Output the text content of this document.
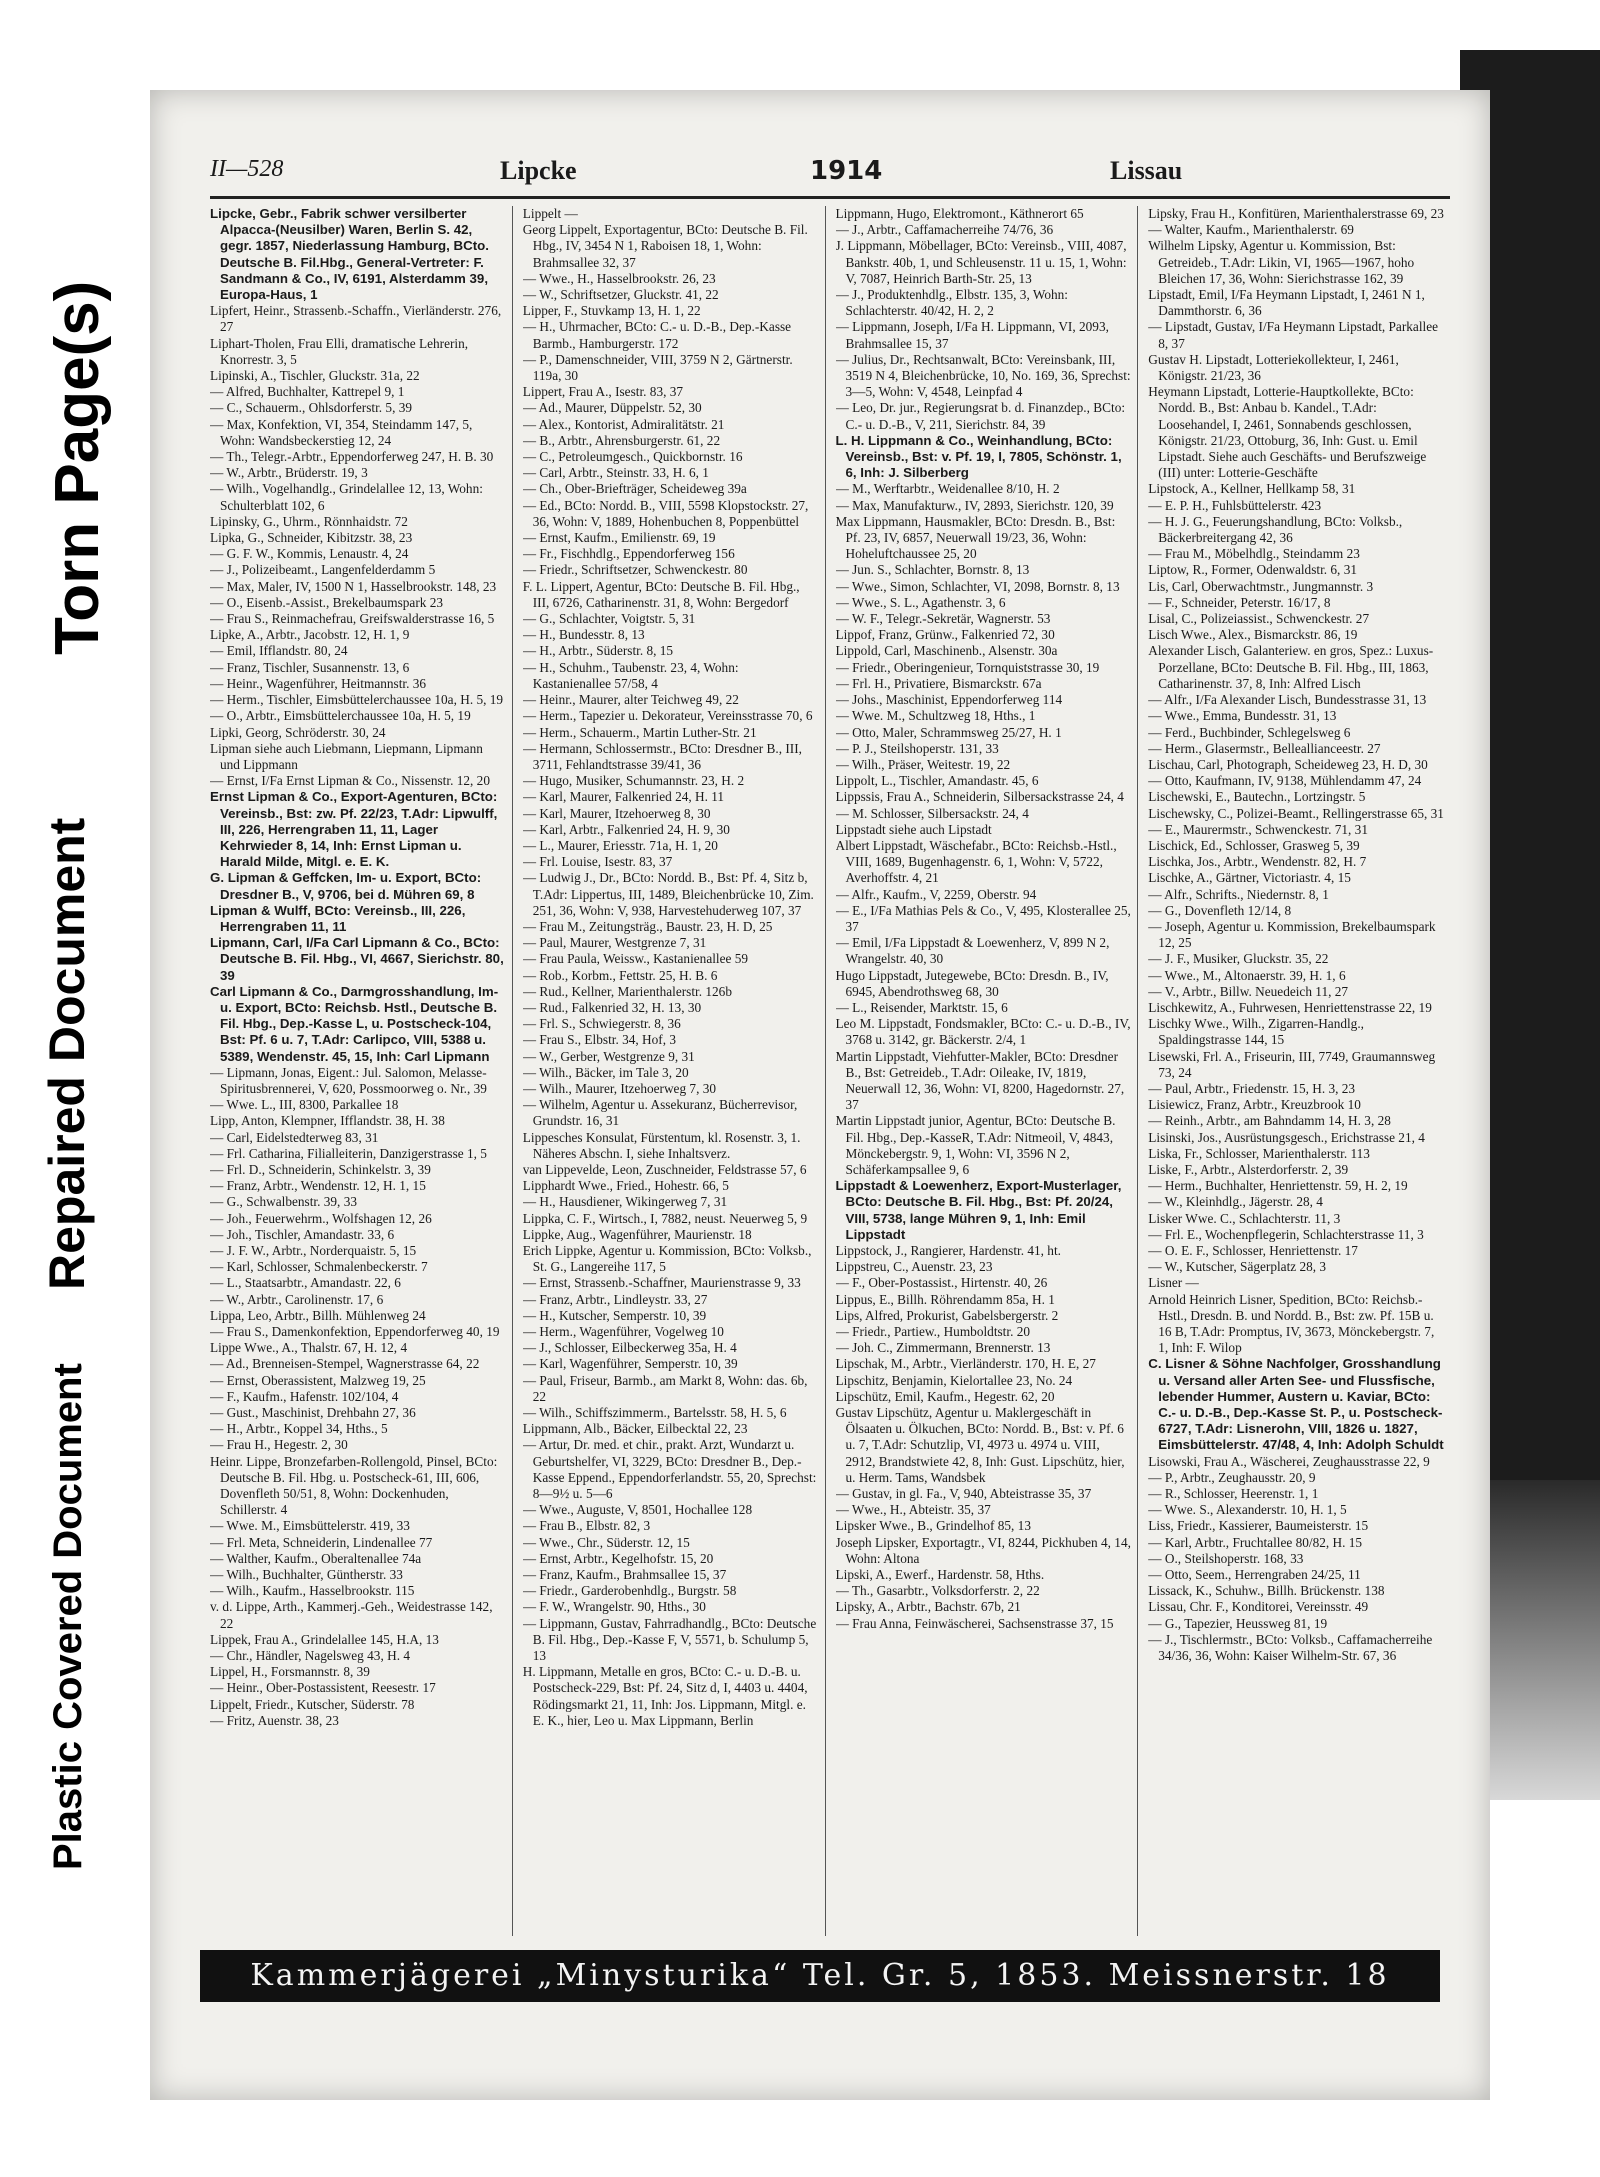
Torn Page(s)
Repaired Document
Plastic Covered Document
II—528	Lipcke	1914	Lissau

Lipcke, Gebr., Fabrik schwer versilberter Alpacca-(Neusilber) Waren, Berlin S. 42, gegr. 1857, Niederlassung Hamburg, BCto. Deutsche B. Fil.Hbg., General-Vertreter: F. Sandmann & Co., IV, 6191, Alsterdamm 39, Europa-Haus, 1

Lipfert, Heinr., Strassenb.-Schaffn., Vierländerstr. 276, 27

Liphart-Tholen, Frau Elli, dramatische Lehrerin, Knorrestr. 3, 5

Lipinski, A., Tischler, Gluckstr. 31a, 22

— Alfred, Buchhalter, Kattrepel 9, 1

— C., Schauerm., Ohlsdorferstr. 5, 39

— Max, Konfektion, VI, 354, Steindamm 147, 5, Wohn: Wandsbeckerstieg 12, 24

— Th., Telegr.-Arbtr., Eppendorferweg 247, H. B. 30

— W., Arbtr., Brüderstr. 19, 3

— Wilh., Vogelhandlg., Grindelallee 12, 13, Wohn: Schulterblatt 102, 6

Lipinsky, G., Uhrm., Rönnhaidstr. 72

Lipka, G., Schneider, Kibitzstr. 38, 23

— G. F. W., Kommis, Lenaustr. 4, 24

— J., Polizeibeamt., Langenfelderdamm 5

— Max, Maler, IV, 1500 N 1, Hasselbrookstr. 148, 23

— O., Eisenb.-Assist., Brekelbaumspark 23

— Frau S., Reinmachefrau, Greifswalderstrasse 16, 5

Lipke, A., Arbtr., Jacobstr. 12, H. 1, 9

— Emil, Ifflandstr. 80, 24

— Franz, Tischler, Susannenstr. 13, 6

— Heinr., Wagenführer, Heitmannstr. 36

— Herm., Tischler, Eimsbüttelerchaussee 10a, H. 5, 19

— O., Arbtr., Eimsbüttelerchaussee 10a, H. 5, 19

Lipki, Georg, Schröderstr. 30, 24

Lipman siehe auch Liebmann, Liepmann, Lipmann und Lippmann

— Ernst, I/Fa Ernst Lipman & Co., Nissenstr. 12, 20

Ernst Lipman & Co., Export-Agenturen, BCto: Vereinsb., Bst: zw. Pf. 22/23, T.Adr: Lipwulff, III, 226, Herrengraben 11, 11, Lager Kehrwieder 8, 14, Inh: Ernst Lipman u. Harald Milde, Mitgl. e. E. K.

G. Lipman & Geffcken, Im- u. Export, BCto: Dresdner B., V, 9706, bei d. Mühren 69, 8

Lipman & Wulff, BCto: Vereinsb., III, 226, Herrengraben 11, 11

Lipmann, Carl, I/Fa Carl Lipmann & Co., BCto: Deutsche B. Fil. Hbg., VI, 4667, Sierichstr. 80, 39

Carl Lipmann & Co., Darmgrosshandlung, Im- u. Export, BCto: Reichsb. Hstl., Deutsche B. Fil. Hbg., Dep.-Kasse L, u. Postscheck-104, Bst: Pf. 6 u. 7, T.Adr: Carlipco, VIII, 5388 u. 5389, Wendenstr. 45, 15, Inh: Carl Lipmann

— Lipmann, Jonas, Eigent.: Jul. Salomon, Melasse-Spiritusbrennerei, V, 620, Possmoorweg o. Nr., 39

— Wwe. L., III, 8300, Parkallee 18

Lipp, Anton, Klempner, Ifflandstr. 38, H. 38

— Carl, Eidelstedterweg 83, 31

— Frl. Catharina, Filialleiterin, Danzigerstrasse 1, 5

— Frl. D., Schneiderin, Schinkelstr. 3, 39

— Franz, Arbtr., Wendenstr. 12, H. 1, 15

— G., Schwalbenstr. 39, 33

— Joh., Feuerwehrm., Wolfshagen 12, 26

— Joh., Tischler, Amandastr. 33, 6

— J. F. W., Arbtr., Norderquaistr. 5, 15

— Karl, Schlosser, Schmalenbeckerstr. 7

— L., Staatsarbtr., Amandastr. 22, 6

— W., Arbtr., Carolinenstr. 17, 6

Lippa, Leo, Arbtr., Billh. Mühlenweg 24

— Frau S., Damenkonfektion, Eppendorferweg 40, 19

Lippe Wwe., A., Thalstr. 67, H. 12, 4

— Ad., Brenneisen-Stempel, Wagnerstrasse 64, 22

— Ernst, Oberassistent, Malzweg 19, 25

— F., Kaufm., Hafenstr. 102/104, 4

— Gust., Maschinist, Drehbahn 27, 36

— H., Arbtr., Koppel 34, Hths., 5

— Frau H., Hegestr. 2, 30

Heinr. Lippe, Bronzefarben-Rollengold, Pinsel, BCto: Deutsche B. Fil. Hbg. u. Postscheck-61, III, 606, Dovenfleth 50/51, 8, Wohn: Dockenhuden, Schillerstr. 4

— Wwe. M., Eimsbüttelerstr. 419, 33

— Frl. Meta, Schneiderin, Lindenallee 77

— Walther, Kaufm., Oberaltenallee 74a

— Wilh., Buchhalter, Güntherstr. 33

— Wilh., Kaufm., Hasselbrookstr. 115

v. d. Lippe, Arth., Kammerj.-Geh., Weidestrasse 142, 22

Lippek, Frau A., Grindelallee 145, H.A, 13

— Chr., Händler, Nagelsweg 43, H. 4

Lippel, H., Forsmannstr. 8, 39

— Heinr., Ober-Postassistent, Reesestr. 17

Lippelt, Friedr., Kutscher, Süderstr. 78

— Fritz, Auenstr. 38, 23

Lippelt —

Georg Lippelt, Exportagentur, BCto: Deutsche B. Fil. Hbg., IV, 3454 N 1, Raboisen 18, 1, Wohn: Brahmsallee 32, 37

— Wwe., H., Hasselbrookstr. 26, 23

— W., Schriftsetzer, Gluckstr. 41, 22

Lipper, F., Stuvkamp 13, H. 1, 22

— H., Uhrmacher, BCto: C.- u. D.-B., Dep.-Kasse Barmb., Hamburgerstr. 172

— P., Damenschneider, VIII, 3759 N 2, Gärtnerstr. 119a, 30

Lippert, Frau A., Isestr. 83, 37

— Ad., Maurer, Düppelstr. 52, 30

— Alex., Kontorist, Admiralitätstr. 21

— B., Arbtr., Ahrensburgerstr. 61, 22

— C., Petroleumgesch., Quickbornstr. 16

— Carl, Arbtr., Steinstr. 33, H. 6, 1

— Ch., Ober-Briefträger, Scheideweg 39a

— Ed., BCto: Nordd. B., VIII, 5598 Klopstockstr. 27, 36, Wohn: V, 1889, Hohenbuchen 8, Poppenbüttel

— Ernst, Kaufm., Emilienstr. 69, 19

— Fr., Fischhdlg., Eppendorferweg 156

— Friedr., Schriftsetzer, Schwenckestr. 80

F. L. Lippert, Agentur, BCto: Deutsche B. Fil. Hbg., III, 6726, Catharinenstr. 31, 8, Wohn: Bergedorf

— G., Schlachter, Voigtstr. 5, 31

— H., Bundesstr. 8, 13

— H., Arbtr., Süderstr. 8, 15

— H., Schuhm., Taubenstr. 23, 4, Wohn: Kastanienallee 57/58, 4

— Heinr., Maurer, alter Teichweg 49, 22

— Herm., Tapezier u. Dekorateur, Vereinsstrasse 70, 6

— Herm., Schauerm., Martin Luther-Str. 21

— Hermann, Schlossermstr., BCto: Dresdner B., III, 3711, Fehlandtstrasse 39/41, 36

— Hugo, Musiker, Schumannstr. 23, H. 2

— Karl, Maurer, Falkenried 24, H. 11

— Karl, Maurer, Itzehoerweg 8, 30

— Karl, Arbtr., Falkenried 24, H. 9, 30

— L., Maurer, Eriesstr. 71a, H. 1, 20

— Frl. Louise, Isestr. 83, 37

— Ludwig J., Dr., BCto: Nordd. B., Bst: Pf. 4, Sitz b, T.Adr: Lippertus, III, 1489, Bleichenbrücke 10, Zim. 251, 36, Wohn: V, 938, Harvestehuderweg 107, 37

— Frau M., Zeitungsträg., Baustr. 23, H. D, 25

— Paul, Maurer, Westgrenze 7, 31

— Frau Paula, Weissw., Kastanienallee 59

— Rob., Korbm., Fettstr. 25, H. B. 6

— Rud., Kellner, Marienthalerstr. 126b

— Rud., Falkenried 32, H. 13, 30

— Frl. S., Schwiegerstr. 8, 36

— Frau S., Elbstr. 34, Hof, 3

— W., Gerber, Westgrenze 9, 31

— Wilh., Bäcker, im Tale 3, 20

— Wilh., Maurer, Itzehoerweg 7, 30

— Wilhelm, Agentur u. Assekuranz, Bücherrevisor, Grundstr. 16, 31

Lippesches Konsulat, Fürstentum, kl. Rosenstr. 3, 1. Näheres Abschn. I, siehe Inhaltsverz.

van Lippevelde, Leon, Zuschneider, Feldstrasse 57, 6

Lipphardt Wwe., Fried., Hohestr. 66, 5

— H., Hausdiener, Wikingerweg 7, 31

Lippka, C. F., Wirtsch., I, 7882, neust. Neuerweg 5, 9

Lippke, Aug., Wagenführer, Maurienstr. 18

Erich Lippke, Agentur u. Kommission, BCto: Volksb., St. G., Langereihe 117, 5

— Ernst, Strassenb.-Schaffner, Maurienstrasse 9, 33

— Franz, Arbtr., Lindleystr. 33, 27

— H., Kutscher, Semperstr. 10, 39

— Herm., Wagenführer, Vogelweg 10

— J., Schlosser, Eilbeckerweg 35a, H. 4

— Karl, Wagenführer, Semperstr. 10, 39

— Paul, Friseur, Barmb., am Markt 8, Wohn: das. 6b, 22

— Wilh., Schiffszimmerm., Bartelsstr. 58, H. 5, 6

Lippmann, Alb., Bäcker, Eilbecktal 22, 23

— Artur, Dr. med. et chir., prakt. Arzt, Wundarzt u. Geburtshelfer, VI, 3229, BCto: Dresdner B., Dep.-Kasse Eppend., Eppendorferlandstr. 55, 20, Sprechst: 8—9½ u. 5—6

— Wwe., Auguste, V, 8501, Hochallee 128

— Frau B., Elbstr. 82, 3

— Wwe., Chr., Süderstr. 12, 15

— Ernst, Arbtr., Kegelhofstr. 15, 20

— Franz, Kaufm., Brahmsallee 15, 37

— Friedr., Garderobenhdlg., Burgstr. 58

— F. W., Wrangelstr. 90, Hths., 30

— Lippmann, Gustav, Fahrradhandlg., BCto: Deutsche B. Fil. Hbg., Dep.-Kasse F, V, 5571, b. Schulump 5, 13

H. Lippmann, Metalle en gros, BCto: C.- u. D.-B. u. Postscheck-229, Bst: Pf. 24, Sitz d, I, 4403 u. 4404, Rödingsmarkt 21, 11, Inh: Jos. Lippmann, Mitgl. e. E. K., hier, Leo u. Max Lippmann, Berlin

Lippmann, Hugo, Elektromont., Käthnerort 65

— J., Arbtr., Caffamacherreihe 74/76, 36

J. Lippmann, Möbellager, BCto: Vereinsb., VIII, 4087, Bankstr. 40b, 1, und Schleusenstr. 11 u. 15, 1, Wohn: V, 7087, Heinrich Barth-Str. 25, 13

— J., Produktenhdlg., Elbstr. 135, 3, Wohn: Schlachterstr. 40/42, H. 2, 2

— Lippmann, Joseph, I/Fa H. Lippmann, VI, 2093, Brahmsallee 15, 37

— Julius, Dr., Rechtsanwalt, BCto: Vereinsbank, III, 3519 N 4, Bleichenbrücke, 10, No. 169, 36, Sprechst: 3—5, Wohn: V, 4548, Leinpfad 4

— Leo, Dr. jur., Regierungsrat b. d. Finanzdep., BCto: C.- u. D.-B., V, 211, Sierichstr. 84, 39

L. H. Lippmann & Co., Weinhandlung, BCto: Vereinsb., Bst: v. Pf. 19, I, 7805, Schönstr. 1, 6, Inh: J. Silberberg

— M., Werftarbtr., Weidenallee 8/10, H. 2

— Max, Manufakturw., IV, 2893, Sierichstr. 120, 39

Max Lippmann, Hausmakler, BCto: Dresdn. B., Bst: Pf. 23, IV, 6857, Neuerwall 19/23, 36, Wohn: Hoheluftchaussee 25, 20

— Jun. S., Schlachter, Bornstr. 8, 13

— Wwe., Simon, Schlachter, VI, 2098, Bornstr. 8, 13

— Wwe., S. L., Agathenstr. 3, 6

— W. F., Telegr.-Sekretär, Wagnerstr. 53

Lippof, Franz, Grünw., Falkenried 72, 30

Lippold, Carl, Maschinenb., Alsenstr. 30a

— Friedr., Oberingenieur, Tornquiststrasse 30, 19

— Frl. H., Privatiere, Bismarckstr. 67a

— Johs., Maschinist, Eppendorferweg 114

— Wwe. M., Schultzweg 18, Hths., 1

— Otto, Maler, Schrammsweg 25/27, H. 1

— P. J., Steilshoperstr. 131, 33

— Wilh., Präser, Weitestr. 19, 22

Lippolt, L., Tischler, Amandastr. 45, 6

Lippssis, Frau A., Schneiderin, Silbersackstrasse 24, 4

— M. Schlosser, Silbersackstr. 24, 4

Lippstadt siehe auch Lipstadt

Albert Lippstadt, Wäschefabr., BCto: Reichsb.-Hstl., VIII, 1689, Bugenhagenstr. 6, 1, Wohn: V, 5722, Averhoffstr. 4, 21

— Alfr., Kaufm., V, 2259, Oberstr. 94

— E., I/Fa Mathias Pels & Co., V, 495, Klosterallee 25, 37

— Emil, I/Fa Lippstadt & Loewenherz, V, 899 N 2, Wrangelstr. 40, 30

Hugo Lippstadt, Jutegewebe, BCto: Dresdn. B., IV, 6945, Abendrothsweg 68, 30

— L., Reisender, Marktstr. 15, 6

Leo M. Lippstadt, Fondsmakler, BCto: C.- u. D.-B., IV, 3768 u. 3142, gr. Bäckerstr. 2/4, 1

Martin Lippstadt, Viehfutter-Makler, BCto: Dresdner B., Bst: Getreideb., T.Adr: Oileake, IV, 1819, Neuerwall 12, 36, Wohn: VI, 8200, Hagedornstr. 27, 37

Martin Lippstadt junior, Agentur, BCto: Deutsche B. Fil. Hbg., Dep.-KasseR, T.Adr: Nitmeoil, V, 4843, Mönckebergstr. 9, 1, Wohn: VI, 3596 N 2, Schäferkampsallee 9, 6

Lippstadt & Loewenherz, Export-Musterlager, BCto: Deutsche B. Fil. Hbg., Bst: Pf. 20/24, VIII, 5738, lange Mühren 9, 1, Inh: Emil Lippstadt

Lippstock, J., Rangierer, Hardenstr. 41, ht.

Lippstreu, C., Auenstr. 23, 23

— F., Ober-Postassist., Hirtenstr. 40, 26

Lippus, E., Billh. Röhrendamm 85a, H. 1

Lips, Alfred, Prokurist, Gabelsbergerstr. 2

— Friedr., Partiew., Humboldtstr. 20

— Joh. C., Zimmermann, Brennerstr. 13

Lipschak, M., Arbtr., Vierländerstr. 170, H. E, 27

Lipschitz, Benjamin, Kielortallee 23, No. 24

Lipschütz, Emil, Kaufm., Hegestr. 62, 20

Gustav Lipschütz, Agentur u. Maklergeschäft in Ölsaaten u. Ölkuchen, BCto: Nordd. B., Bst: v. Pf. 6 u. 7, T.Adr: Schutzlip, VI, 4973 u. 4974 u. VIII, 2912, Brandstwiete 42, 8, Inh: Gust. Lipschütz, hier, u. Herm. Tams, Wandsbek

— Gustav, in gl. Fa., V, 940, Abteistrasse 35, 37

— Wwe., H., Abteistr. 35, 37

Lipsker Wwe., B., Grindelhof 85, 13

Joseph Lipsker, Exportagtr., VI, 8244, Pickhuben 4, 14, Wohn: Altona

Lipski, A., Ewerf., Hardenstr. 58, Hths.

— Th., Gasarbtr., Volksdorferstr. 2, 22

Lipsky, A., Arbtr., Bachstr. 67b, 21

— Frau Anna, Feinwäscherei, Sachsenstrasse 37, 15

Lipsky, Frau H., Konfitüren, Marienthalerstrasse 69, 23

— Walter, Kaufm., Marienthalerstr. 69

Wilhelm Lipsky, Agentur u. Kommission, Bst: Getreideb., T.Adr: Likin, VI, 1965—1967, hoho Bleichen 17, 36, Wohn: Sierichstrasse 162, 39

Lipstadt, Emil, I/Fa Heymann Lipstadt, I, 2461 N 1, Dammthorstr. 6, 36

— Lipstadt, Gustav, I/Fa Heymann Lipstadt, Parkallee 8, 37

Gustav H. Lipstadt, Lotteriekollekteur, I, 2461, Königstr. 21/23, 36

Heymann Lipstadt, Lotterie-Hauptkollekte, BCto: Nordd. B., Bst: Anbau b. Kandel., T.Adr: Loosehandel, I, 2461, Sonnabends geschlossen, Königstr. 21/23, Ottoburg, 36, Inh: Gust. u. Emil Lipstadt. Siehe auch Geschäfts- und Berufszweige (III) unter: Lotterie-Geschäfte

Lipstock, A., Kellner, Hellkamp 58, 31

— E. P. H., Fuhlsbüttelerstr. 423

— H. J. G., Feuerungshandlung, BCto: Volksb., Bäckerbreitergang 42, 36

— Frau M., Möbelhdlg., Steindamm 23

Liptow, R., Former, Odenwaldstr. 6, 31

Lis, Carl, Oberwachtmstr., Jungmannstr. 3

— F., Schneider, Peterstr. 16/17, 8

Lisal, C., Polizeiassist., Schwenckestr. 27

Lisch Wwe., Alex., Bismarckstr. 86, 19

Alexander Lisch, Galanteriew. en gros, Spez.: Luxus-Porzellane, BCto: Deutsche B. Fil. Hbg., III, 1863, Catharinenstr. 37, 8, Inh: Alfred Lisch

— Alfr., I/Fa Alexander Lisch, Bundesstrasse 31, 13

— Wwe., Emma, Bundesstr. 31, 13

— Ferd., Buchbinder, Schlegelsweg 6

— Herm., Glasermstr., Belleallianceestr. 27

Lischau, Carl, Photograph, Scheideweg 23, H. D, 30

— Otto, Kaufmann, IV, 9138, Mühlendamm 47, 24

Lischewski, E., Bautechn., Lortzingstr. 5

Lischewsky, C., Polizei-Beamt., Rellingerstrasse 65, 31

— E., Maurermstr., Schwenckestr. 71, 31

Lischick, Ed., Schlosser, Grasweg 5, 39

Lischka, Jos., Arbtr., Wendenstr. 82, H. 7

Lischke, A., Gärtner, Victoriastr. 4, 15

— Alfr., Schrifts., Niedernstr. 8, 1

— G., Dovenfleth 12/14, 8

— Joseph, Agentur u. Kommission, Brekelbaumspark 12, 25

— J. F., Musiker, Gluckstr. 35, 22

— Wwe., M., Altonaerstr. 39, H. 1, 6

— V., Arbtr., Billw. Neuedeich 11, 27

Lischkewitz, A., Fuhrwesen, Henriettenstrasse 22, 19

Lischky Wwe., Wilh., Zigarren-Handlg., Spaldingstrasse 144, 15

Lisewski, Frl. A., Friseurin, III, 7749, Graumannsweg 73, 24

— Paul, Arbtr., Friedenstr. 15, H. 3, 23

Lisiewicz, Franz, Arbtr., Kreuzbrook 10

— Reinh., Arbtr., am Bahndamm 14, H. 3, 28

Lisinski, Jos., Ausrüstungsgesch., Erichstrasse 21, 4

Liska, Fr., Schlosser, Marienthalerstr. 113

Liske, F., Arbtr., Alsterdorferstr. 2, 39

— Herm., Buchhalter, Henriettenstr. 59, H. 2, 19

— W., Kleinhdlg., Jägerstr. 28, 4

Lisker Wwe. C., Schlachterstr. 11, 3

— Frl. E., Wochenpflegerin, Schlachterstrasse 11, 3

— O. E. F., Schlosser, Henriettenstr. 17

— W., Kutscher, Sägerplatz 28, 3

Lisner —

Arnold Heinrich Lisner, Spedition, BCto: Reichsb.-Hstl., Dresdn. B. und Nordd. B., Bst: zw. Pf. 15B u. 16 B, T.Adr: Promptus, IV, 3673, Mönckebergstr. 7, 1, Inh: F. Wilop

C. Lisner & Söhne Nachfolger, Grosshandlung u. Versand aller Arten See- und Flussfische, lebender Hummer, Austern u. Kaviar, BCto: C.- u. D.-B., Dep.-Kasse St. P., u. Postscheck-6727, T.Adr: Lisnerohn, VIII, 1826 u. 1827, Eimsbüttelerstr. 47/48, 4, Inh: Adolph Schuldt

Lisowski, Frau A., Wäscherei, Zeughausstrasse 22, 9

— P., Arbtr., Zeughausstr. 20, 9

— R., Schlosser, Heerenstr. 1, 1

— Wwe. S., Alexanderstr. 10, H. 1, 5

Liss, Friedr., Kassierer, Baumeisterstr. 15

— Karl, Arbtr., Fruchtallee 80/82, H. 15

— O., Steilshoperstr. 168, 33

— Otto, Seem., Herrengraben 24/25, 11

Lissack, K., Schuhw., Billh. Brückenstr. 138

Lissau, Chr. F., Konditorei, Vereinsstr. 49

— G., Tapezier, Heussweg 81, 19

— J., Tischlermstr., BCto: Volksb., Caffamacherreihe 34/36, 36, Wohn: Kaiser Wilhelm-Str. 67, 36

Kammerjägerei „Minysturika“ Tel. Gr. 5, 1853. Meissnerstr. 18
